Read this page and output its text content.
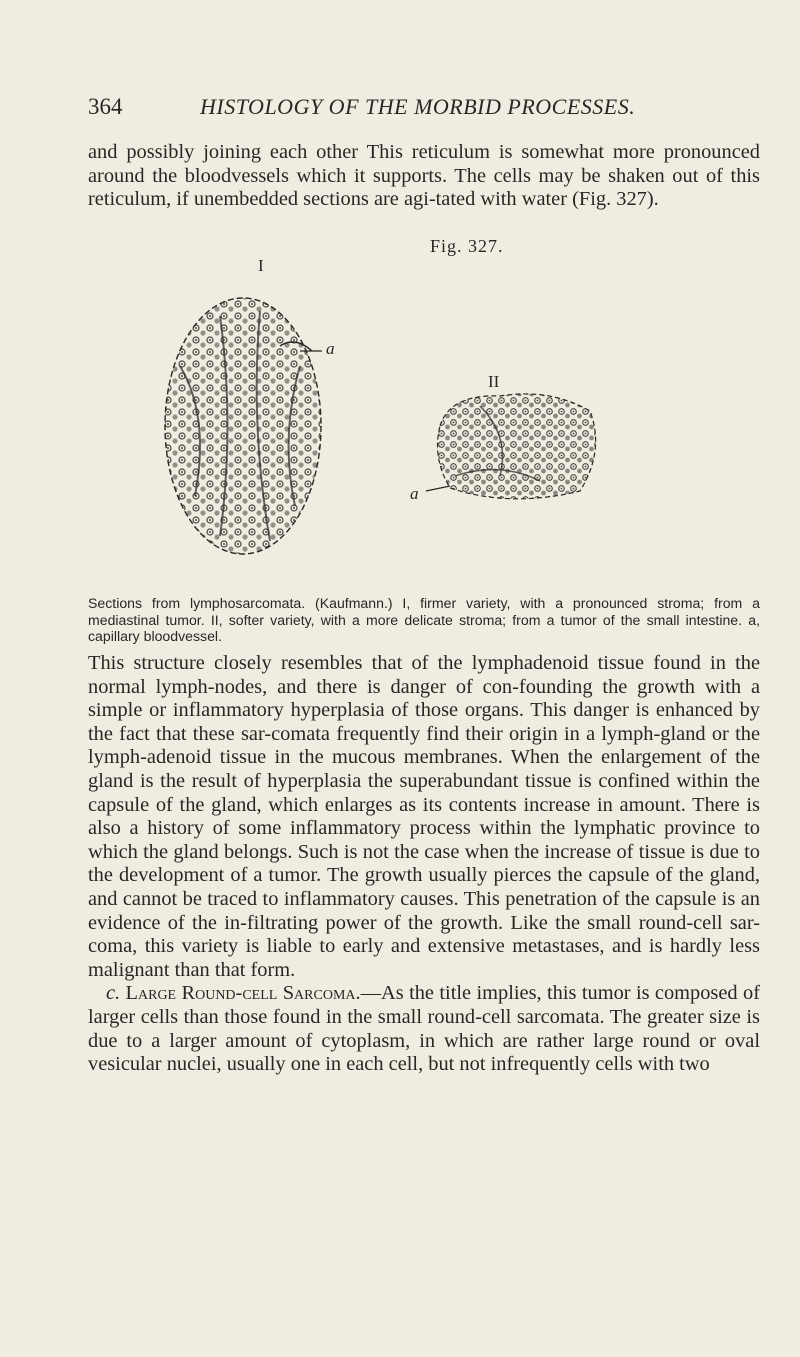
364	HISTOLOGY OF THE MORBID PROCESSES.

and possibly joining each other This reticulum is somewhat more pronounced around the bloodvessels which it supports. The cells may be shaken out of this reticulum, if unembedded sections are agi-tated with water (Fig. 327).

Fig. 327.
I
II
a
a

Sections from lymphosarcomata. (Kaufmann.) I, firmer variety, with a pronounced stroma; from a mediastinal tumor. II, softer variety, with a more delicate stroma; from a tumor of the small intestine. a, capillary bloodvessel.

This structure closely resembles that of the lymphadenoid tissue found in the normal lymph-nodes, and there is danger of con-founding the growth with a simple or inflammatory hyperplasia of those organs. This danger is enhanced by the fact that these sar-comata frequently find their origin in a lymph-gland or the lymph-adenoid tissue in the mucous membranes. When the enlargement of the gland is the result of hyperplasia the superabundant tissue is confined within the capsule of the gland, which enlarges as its contents increase in amount. There is also a history of some inflammatory process within the lymphatic province to which the gland belongs. Such is not the case when the increase of tissue is due to the development of a tumor. The growth usually pierces the capsule of the gland, and cannot be traced to inflammatory causes. This penetration of the capsule is an evidence of the in-filtrating power of the growth. Like the small round-cell sar-coma, this variety is liable to early and extensive metastases, and is hardly less malignant than that form.

c. Large Round-cell Sarcoma.—As the title implies, this tumor is composed of larger cells than those found in the small round-cell sarcomata. The greater size is due to a larger amount of cytoplasm, in which are rather large round or oval vesicular nuclei, usually one in each cell, but not infrequently cells with two
